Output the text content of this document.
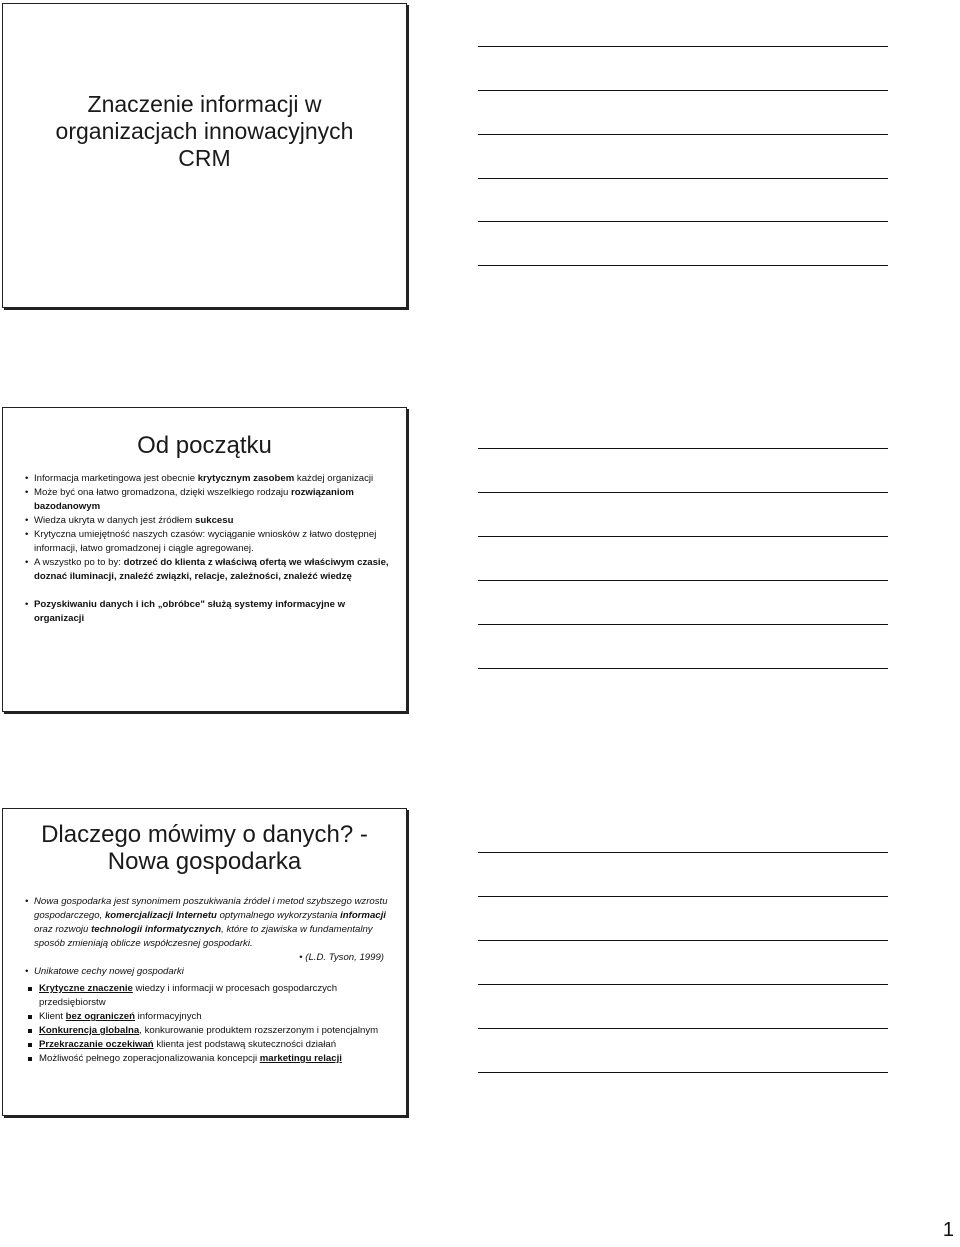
Znaczenie informacji w
organizacjach innowacyjnych
CRM
Od początku
• Informacja marketingowa jest obecnie krytycznym zasobem każdej organizacji
• Może być ona łatwo gromadzona, dzięki wszelkiego rodzaju rozwiązaniom bazodanowym
• Wiedza ukryta w danych jest źródłem sukcesu
• Krytyczna umiejętność naszych czasów: wyciąganie wniosków z łatwo dostępnej informacji, łatwo gromadzonej i ciągle agregowanej.
• A wszystko po to by: dotrzeć do klienta z właściwą ofertą we właściwym czasie, doznać iluminacji, znaleźć związki, relacje, zależności, znaleźć wiedzę
• Pozyskiwaniu danych i ich „obróbce" służą systemy informacyjne w organizacji
Dlaczego mówimy o danych? -
Nowa gospodarka
• Nowa gospodarka jest synonimem poszukiwania źródeł i metod szybszego wzrostu gospodarczego, komercjalizacji Internetu optymalnego wykorzystania informacji
oraz rozwoju technologii informatycznych, które to zjawiska w fundamentalny sposób zmieniają oblicze współczesnej gospodarki.
• (L.D. Tyson, 1999)
• Unikatowe cechy nowej gospodarki
Krytyczne znaczenie wiedzy i informacji w procesach gospodarczych przedsiębiorstw
Klient bez ograniczeń informacyjnych
Konkurencja globalna, konkurowanie produktem rozszerzonym i potencjalnym
Przekraczanie oczekiwań klienta jest podstawą skuteczności działań
Możliwość pełnego zoperacjonalizowania koncepcji marketingu relacji
1
